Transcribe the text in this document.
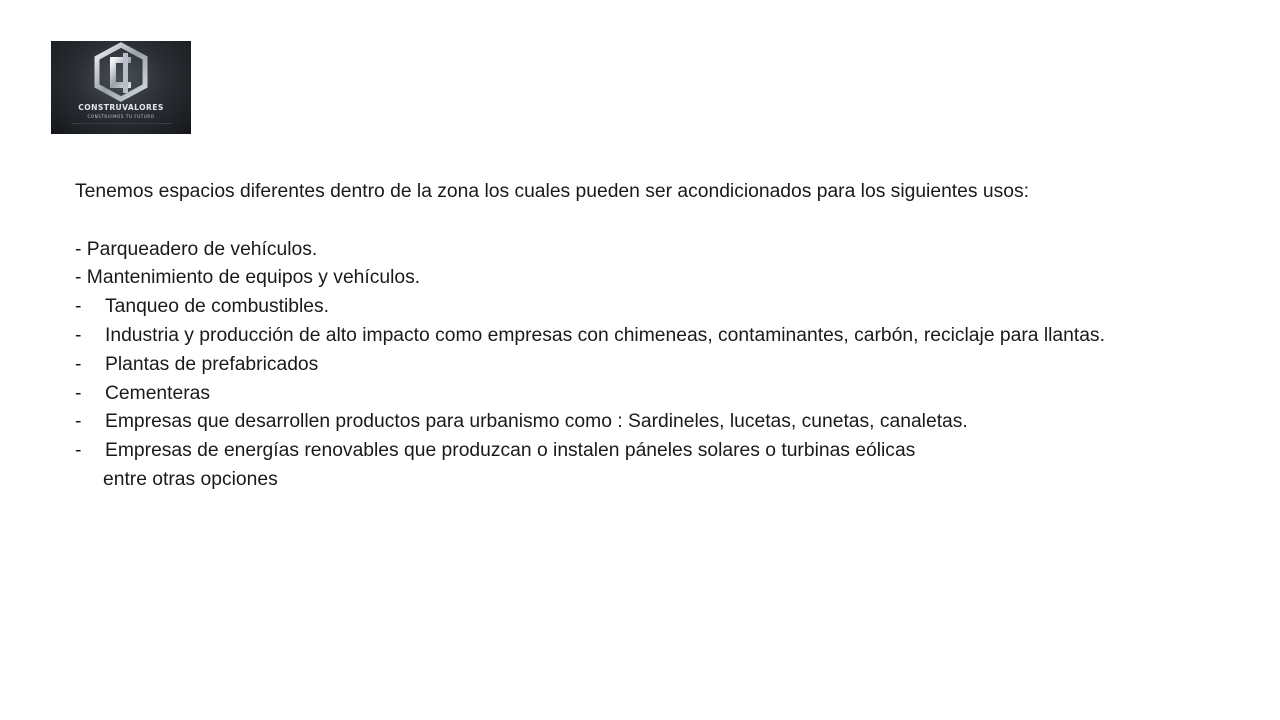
CONSTRUVALORES
CONSTRUIMOS TU FUTURO

Tenemos espacios diferentes dentro de la zona los cuales pueden ser acondicionados para los siguientes usos:

- Parqueadero de vehículos.

- Mantenimiento de equipos y vehículos.

-	Tanqueo de combustibles.
-	Industria y producción de alto impacto como empresas con chimeneas, contaminantes, carbón, reciclaje para llantas.
-	Plantas de prefabricados
-	Cementeras
-	Empresas que desarrollen productos para urbanismo como : Sardineles, lucetas, cunetas, canaletas.
-	Empresas de energías renovables que produzcan o instalen páneles solares o turbinas eólicas

entre otras opciones
